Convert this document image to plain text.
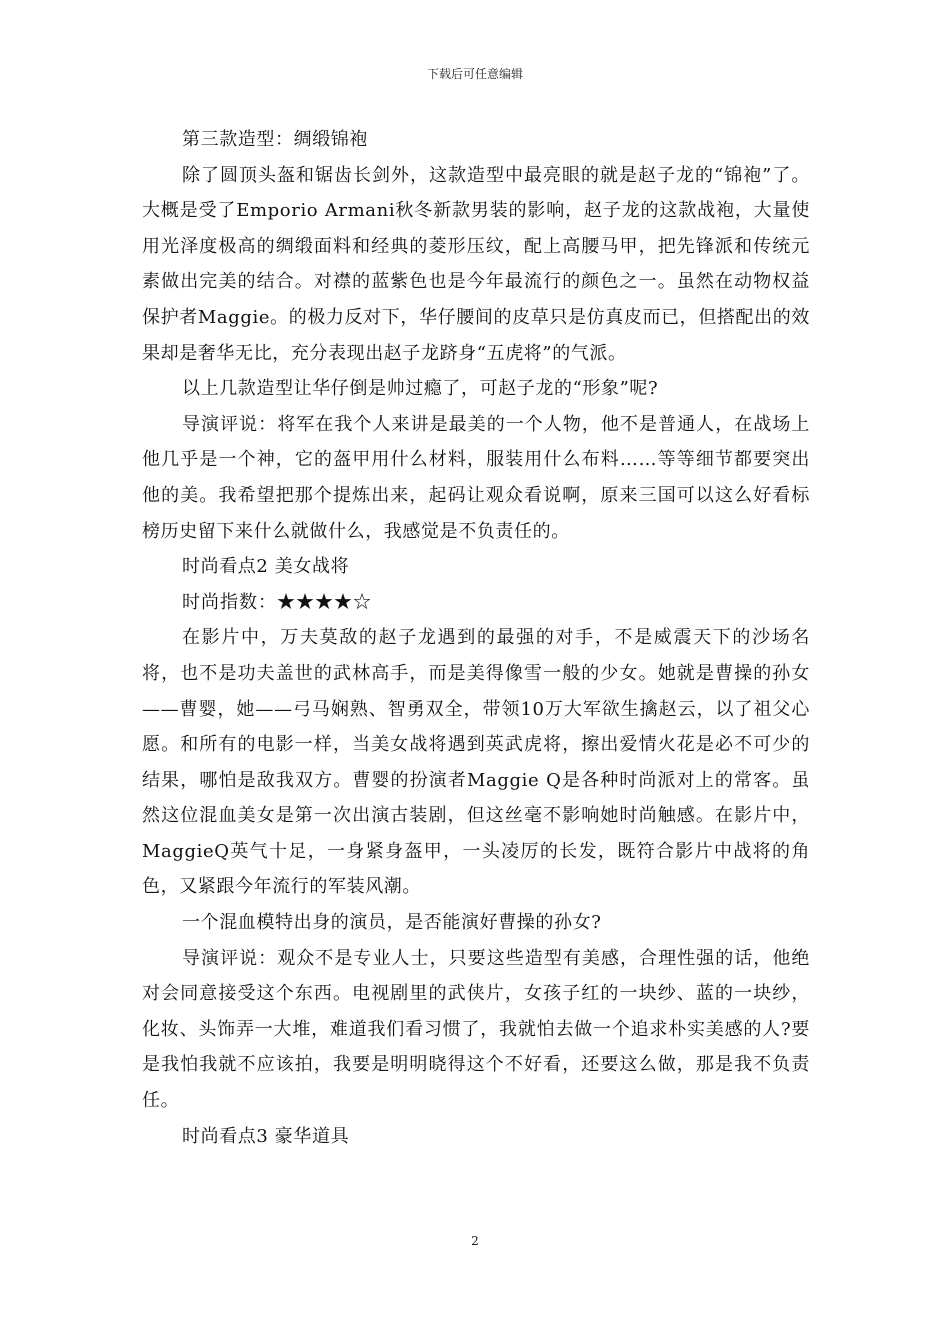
下载后可任意编辑

第三款造型：绸缎锦袍

除了圆顶头盔和锯齿长剑外，这款造型中最亮眼的就是赵子龙的“锦袍”了。大概是受了Emporio Armani秋冬新款男装的影响，赵子龙的这款战袍，大量使用光泽度极高的绸缎面料和经典的菱形压纹，配上高腰马甲，把先锋派和传统元素做出完美的结合。对襟的蓝紫色也是今年最流行的颜色之一。虽然在动物权益保护者Maggie。的极力反对下，华仔腰间的皮草只是仿真皮而已，但搭配出的效果却是奢华无比，充分表现出赵子龙跻身“五虎将”的气派。

以上几款造型让华仔倒是帅过瘾了，可赵子龙的“形象”呢?

导演评说：将军在我个人来讲是最美的一个人物，他不是普通人，在战场上他几乎是一个神，它的盔甲用什么材料，服装用什么布料……等等细节都要突出他的美。我希望把那个提炼出来，起码让观众看说啊，原来三国可以这么好看标榜历史留下来什么就做什么，我感觉是不负责任的。

时尚看点2 美女战将

时尚指数：★★★★☆

在影片中，万夫莫敌的赵子龙遇到的最强的对手，不是威震天下的沙场名将，也不是功夫盖世的武林高手，而是美得像雪一般的少女。她就是曹操的孙女——曹婴，她——弓马娴熟、智勇双全，带领10万大军欲生擒赵云，以了祖父心愿。和所有的电影一样，当美女战将遇到英武虎将，擦出爱情火花是必不可少的结果，哪怕是敌我双方。曹婴的扮演者Maggie Q是各种时尚派对上的常客。虽然这位混血美女是第一次出演古装剧，但这丝毫不影响她时尚触感。在影片中，MaggieQ英气十足，一身紧身盔甲，一头凌厉的长发，既符合影片中战将的角色，又紧跟今年流行的军装风潮。

一个混血模特出身的演员，是否能演好曹操的孙女?

导演评说：观众不是专业人士，只要这些造型有美感，合理性强的话，他绝对会同意接受这个东西。电视剧里的武侠片，女孩子红的一块纱、蓝的一块纱，化妆、头饰弄一大堆，难道我们看习惯了，我就怕去做一个追求朴实美感的人?要是我怕我就不应该拍，我要是明明晓得这个不好看，还要这么做，那是我不负责任。

时尚看点3 豪华道具

2
